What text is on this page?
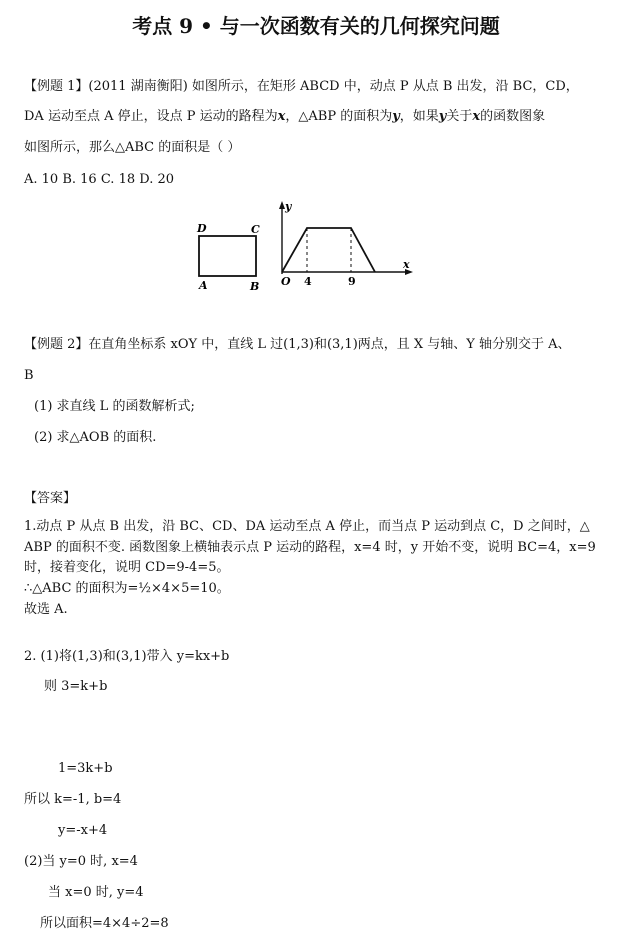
考点 9 • 与一次函数有关的几何探究问题
【例题 1】(2011 湖南衡阳) 如图所示，在矩形 ABCD 中，动点 P 从点 B 出发，沿 BC，CD，
DA 运动至点 A 停止，设点 P 运动的路程为x，△ABP 的面积为y，如果y关于x的函数图象
如图所示，那么△ABC 的面积是（ ）
A. 10 B. 16 C. 18 D. 20
D	C
A	B
y
x
O 4	9
【例题 2】在直角坐标系 xOY 中，直线 L 过(1,3)和(3,1)两点，且 X 与轴、Y 轴分别交于 A、
B
(1) 求直线 L 的函数解析式;
(2) 求△AOB 的面积.
【答案】
1.动点 P 从点 B 出发，沿 BC、CD、DA 运动至点 A 停止，而当点 P 运动到点 C，D 之间时，△
ABP 的面积不变. 函数图象上横轴表示点 P 运动的路程，x=4 时，y 开始不变，说明 BC=4，x=9
时，接着变化，说明 CD=9-4=5。
∴△ABC 的面积为=½×4×5=10。
故选 A.
2. (1)将(1,3)和(3,1)带入 y=kx+b
则 3=k+b
1=3k+b
所以 k=-1, b=4
y=-x+4
(2)当 y=0 时, x=4
当 x=0 时, y=4
所以面积=4×4÷2=8
